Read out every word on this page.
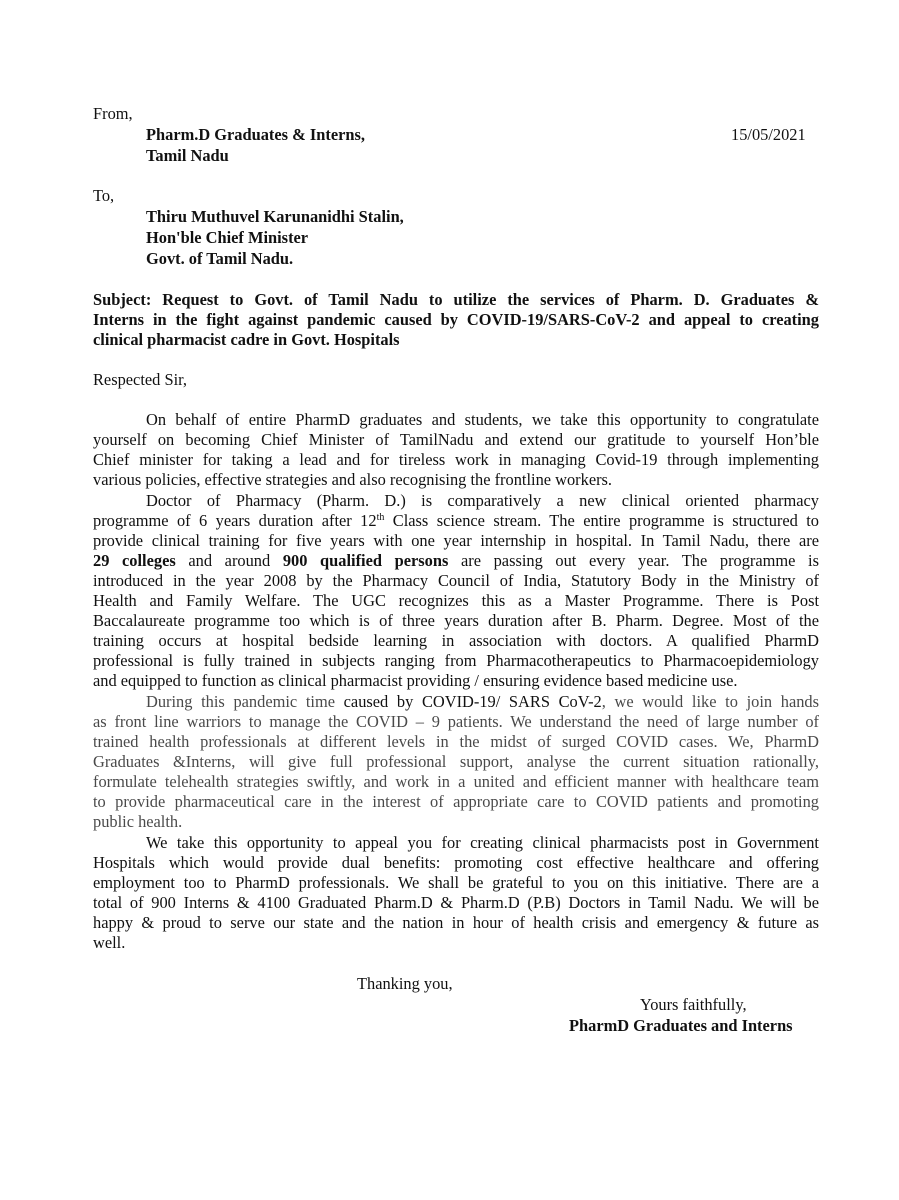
From,
Pharm.D Graduates & Interns,	15/05/2021
Tamil Nadu
To,
Thiru Muthuvel Karunanidhi Stalin,
Hon'ble Chief Minister
Govt. of Tamil Nadu.
Subject: Request to Govt. of Tamil Nadu to utilize the services of Pharm. D. Graduates &
Interns in the fight against pandemic caused by COVID-19/SARS-CoV-2 and appeal to creating
clinical pharmacist cadre in Govt. Hospitals
Respected Sir,
On behalf of entire PharmD graduates and students, we take this opportunity to congratulate
yourself on becoming Chief Minister of TamilNadu and extend our gratitude to yourself Hon’ble
Chief minister for taking a lead and for tireless work in managing Covid-19 through implementing
various policies, effective strategies and also recognising the frontline workers.
Doctor of Pharmacy (Pharm. D.) is comparatively a new clinical oriented pharmacy
programme of 6 years duration after 12th Class science stream. The entire programme is structured to
provide clinical training for five years with one year internship in hospital. In Tamil Nadu, there are
29 colleges and around 900 qualified persons are passing out every year. The programme is
introduced in the year 2008 by the Pharmacy Council of India, Statutory Body in the Ministry of
Health and Family Welfare. The UGC recognizes this as a Master Programme. There is Post
Baccalaureate programme too which is of three years duration after B. Pharm. Degree. Most of the
training occurs at hospital bedside learning in association with doctors. A qualified PharmD
professional is fully trained in subjects ranging from Pharmacotherapeutics to Pharmacoepidemiology
and equipped to function as clinical pharmacist providing / ensuring evidence based medicine use.
During this pandemic time caused by COVID-19/ SARS CoV-2, we would like to join hands
as front line warriors to manage the COVID – 9 patients. We understand the need of large number of
trained health professionals at different levels in the midst of surged COVID cases. We, PharmD
Graduates &Interns, will give full professional support, analyse the current situation rationally,
formulate telehealth strategies swiftly, and work in a united and efficient manner with healthcare team
to provide pharmaceutical care in the interest of appropriate care to COVID patients and promoting
public health.
We take this opportunity to appeal you for creating clinical pharmacists post in Government
Hospitals which would provide dual benefits: promoting cost effective healthcare and offering
employment too to PharmD professionals. We shall be grateful to you on this initiative. There are a
total of 900 Interns & 4100 Graduated Pharm.D & Pharm.D (P.B) Doctors in Tamil Nadu. We will be
happy & proud to serve our state and the nation in hour of health crisis and emergency & future as
well.
Thanking you,
Yours faithfully,
PharmD Graduates and Interns
